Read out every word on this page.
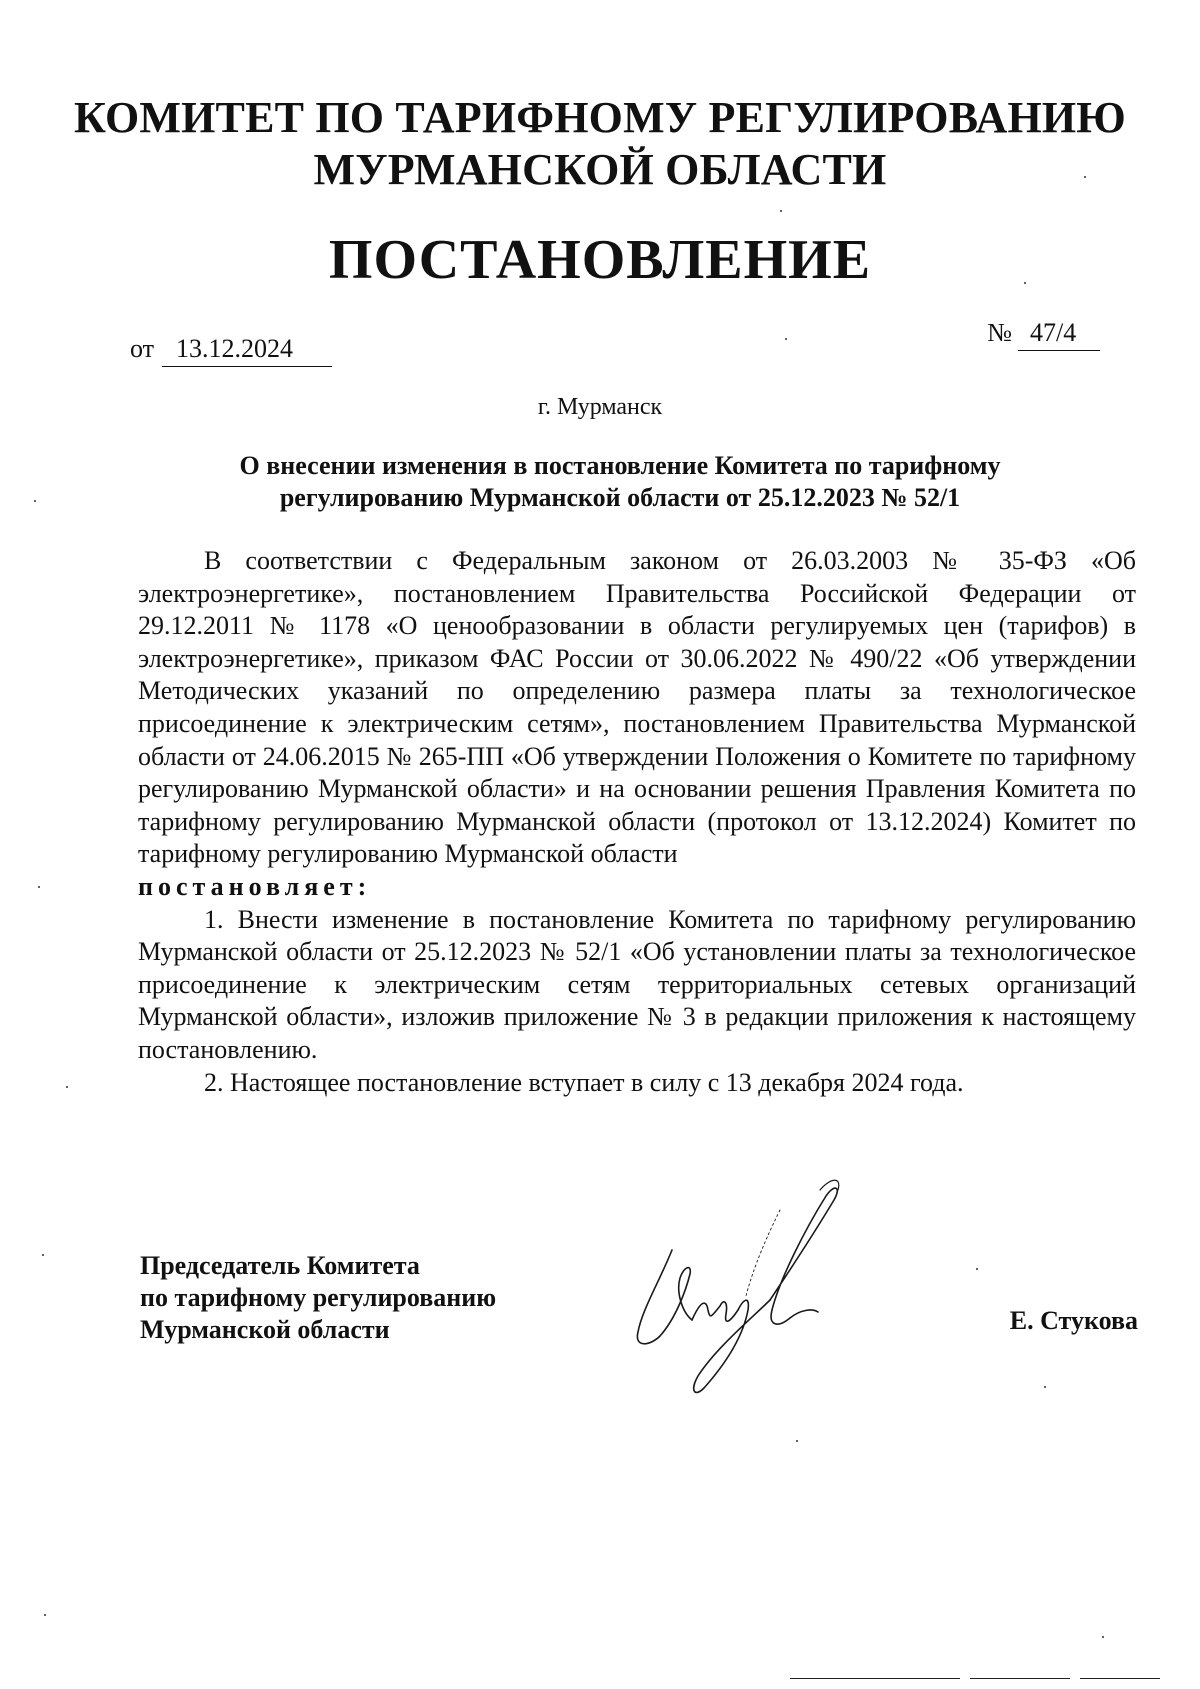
КОМИТЕТ ПО ТАРИФНОМУ РЕГУЛИРОВАНИЮ
МУРМАНСКОЙ ОБЛАСТИ
ПОСТАНОВЛЕНИЕ
от 13.12.2024
№ 47/4
г. Мурманск
О внесении изменения в постановление Комитета по тарифному регулированию Мурманской области от 25.12.2023 № 52/1

В соответствии с Федеральным законом от 26.03.2003 № 35-ФЗ «Об электроэнергетике», постановлением Правительства Российской Федерации от 29.12.2011 № 1178 «О ценообразовании в области регулируемых цен (тарифов) в электроэнергетике», приказом ФАС России от 30.06.2022 № 490/22 «Об утверждении Методических указаний по определению размера платы за технологическое присоединение к электрическим сетям», постановлением Правительства Мурманской области от 24.06.2015 № 265-ПП «Об утверждении Положения о Комитете по тарифному регулированию Мурманской области» и на основании решения Правления Комитета по тарифному регулированию Мурманской области (протокол от 13.12.2024) Комитет по тарифному регулированию Мурманской области

постановляет:

1. Внести изменение в постановление Комитета по тарифному регулированию Мурманской области от 25.12.2023 № 52/1 «Об установлении платы за технологическое присоединение к электрическим сетям территориальных сетевых организаций Мурманской области», изложив приложение № 3 в редакции приложения к настоящему постановлению.

2. Настоящее постановление вступает в силу с 13 декабря 2024 года.

Председатель Комитета
по тарифному регулированию
Мурманской области	Е. Стукова
